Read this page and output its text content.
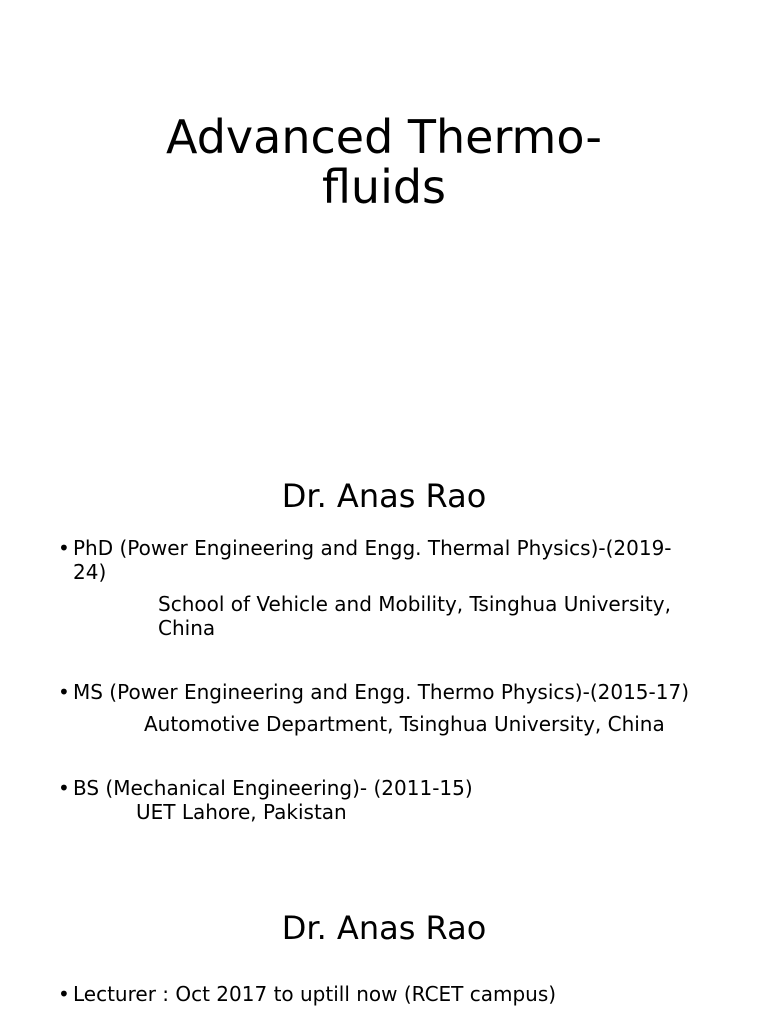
Advanced Thermo-
fluids
Dr. Anas Rao
• PhD (Power Engineering and Engg. Thermal Physics)-(2019-24)
School of Vehicle and Mobility, Tsinghua University, China
• MS (Power Engineering and Engg. Thermo Physics)-(2015-17)
Automotive Department, Tsinghua University, China
• BS (Mechanical Engineering)- (2011-15)
UET Lahore, Pakistan
Dr. Anas Rao
• Lecturer : Oct 2017 to uptill now (RCET campus)
